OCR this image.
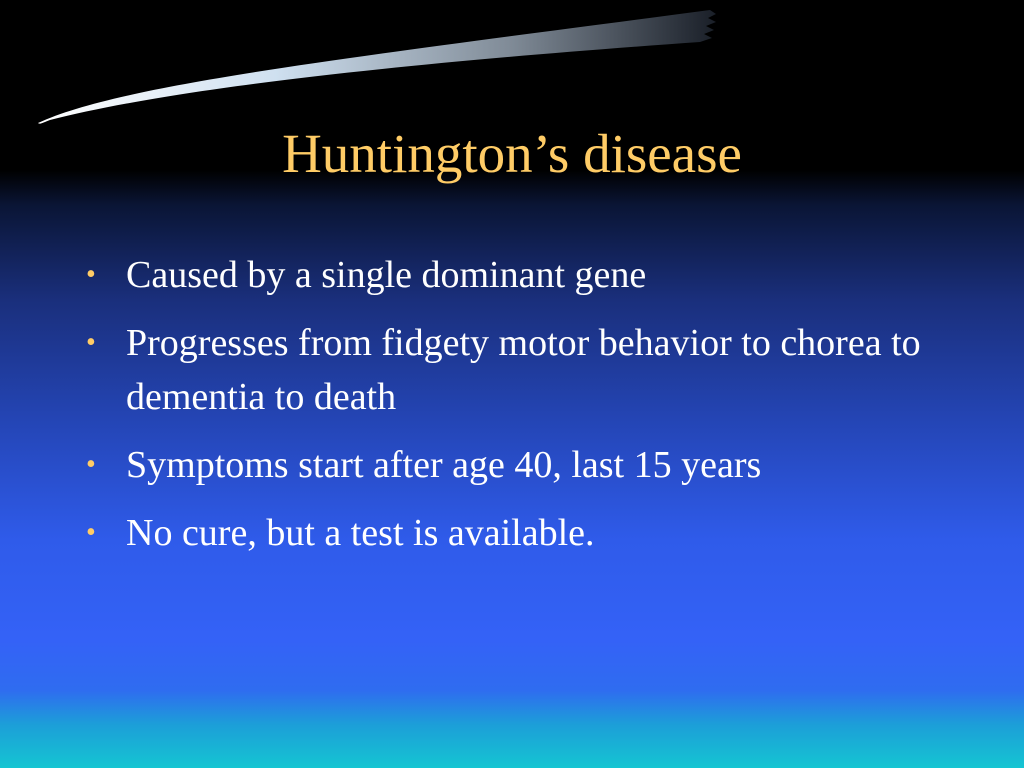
Huntington’s disease
• Caused by a single dominant gene
• Progresses from fidgety motor behavior to chorea to dementia to death
• Symptoms start after age 40, last 15 years
• No cure, but a test is available.
